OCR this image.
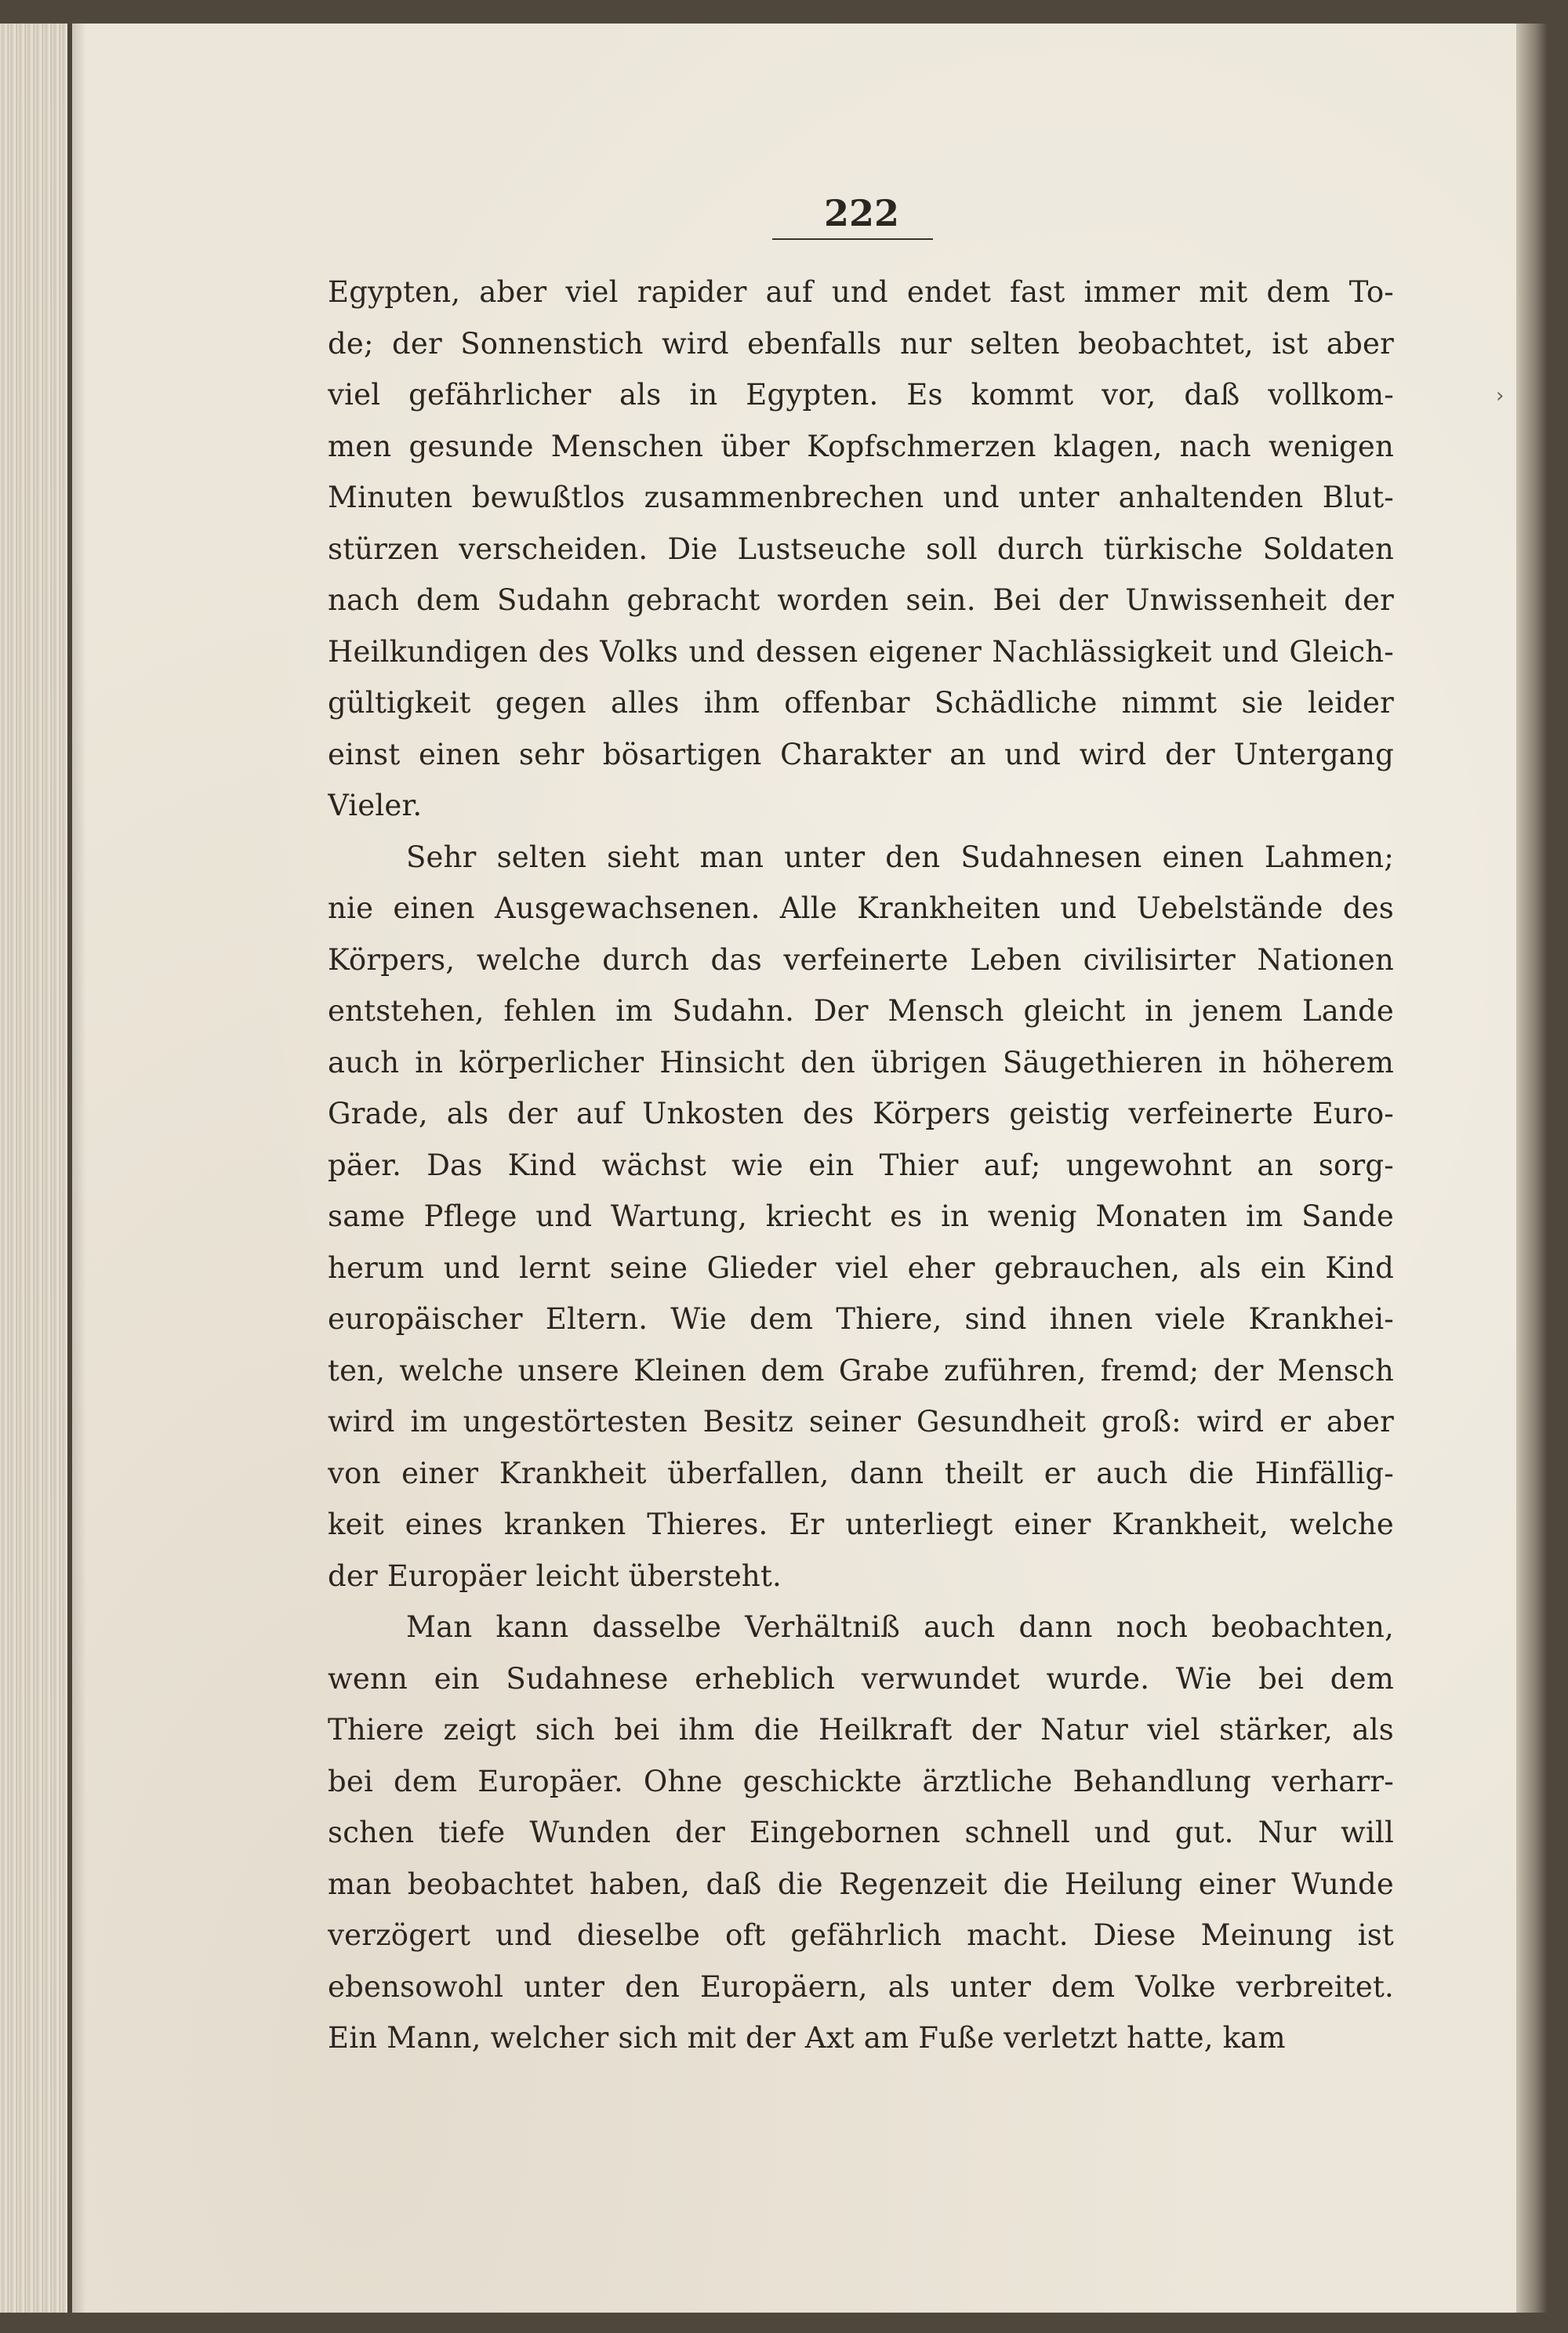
222
›
Egypten, aber viel rapider auf und endet fast immer mit dem To-
de; der Sonnenstich wird ebenfalls nur selten beobachtet, ist aber
viel gefährlicher als in Egypten. Es kommt vor, daß vollkom-
men gesunde Menschen über Kopfschmerzen klagen, nach wenigen
Minuten bewußtlos zusammenbrechen und unter anhaltenden Blut-
stürzen verscheiden. Die Lustseuche soll durch türkische Soldaten
nach dem Sudahn gebracht worden sein. Bei der Unwissenheit der
Heilkundigen des Volks und dessen eigener Nachlässigkeit und Gleich-
gültigkeit gegen alles ihm offenbar Schädliche nimmt sie leider
einst einen sehr bösartigen Charakter an und wird der Untergang
Vieler.
Sehr selten sieht man unter den Sudahnesen einen Lahmen;
nie einen Ausgewachsenen. Alle Krankheiten und Uebelstände des
Körpers, welche durch das verfeinerte Leben civilisirter Nationen
entstehen, fehlen im Sudahn. Der Mensch gleicht in jenem Lande
auch in körperlicher Hinsicht den übrigen Säugethieren in höherem
Grade, als der auf Unkosten des Körpers geistig verfeinerte Euro-
päer. Das Kind wächst wie ein Thier auf; ungewohnt an sorg-
same Pflege und Wartung, kriecht es in wenig Monaten im Sande
herum und lernt seine Glieder viel eher gebrauchen, als ein Kind
europäischer Eltern. Wie dem Thiere, sind ihnen viele Krankhei-
ten, welche unsere Kleinen dem Grabe zuführen, fremd; der Mensch
wird im ungestörtesten Besitz seiner Gesundheit groß: wird er aber
von einer Krankheit überfallen, dann theilt er auch die Hinfällig-
keit eines kranken Thieres. Er unterliegt einer Krankheit, welche
der Europäer leicht übersteht.
Man kann dasselbe Verhältniß auch dann noch beobachten,
wenn ein Sudahnese erheblich verwundet wurde. Wie bei dem
Thiere zeigt sich bei ihm die Heilkraft der Natur viel stärker, als
bei dem Europäer. Ohne geschickte ärztliche Behandlung verharr-
schen tiefe Wunden der Eingebornen schnell und gut. Nur will
man beobachtet haben, daß die Regenzeit die Heilung einer Wunde
verzögert und dieselbe oft gefährlich macht. Diese Meinung ist
ebensowohl unter den Europäern, als unter dem Volke verbreitet.
Ein Mann, welcher sich mit der Axt am Fuße verletzt hatte, kam
